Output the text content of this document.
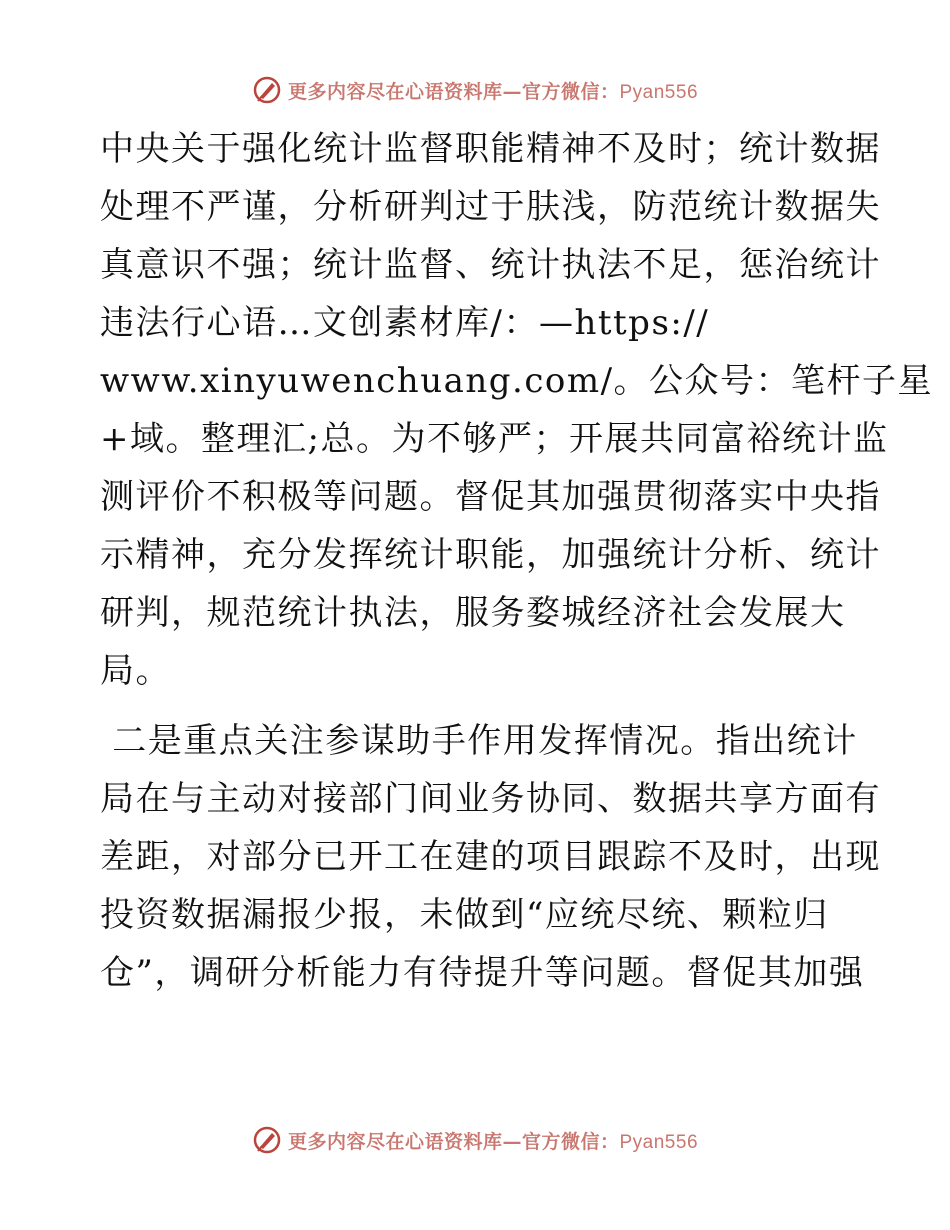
更多内容尽在心语资料库—官方微信：Pyan556

中央关于强化统计监督职能精神不及时；统计数据
处理不严谨，分析研判过于肤浅，防范统计数据失
真意识不强；统计监督、统计执法不足，惩治统计
违法行心语…文创素材库/：—https://
www.xinyuwenchuang.com/。公众号：笔杆子星
+域。整理汇;总。为不够严；开展共同富裕统计监
测评价不积极等问题。督促其加强贯彻落实中央指
示精神，充分发挥统计职能，加强统计分析、统计
研判，规范统计执法，服务婺城经济社会发展大
局。

二是重点关注参谋助手作用发挥情况。指出统计
局在与主动对接部门间业务协同、数据共享方面有
差距，对部分已开工在建的项目跟踪不及时，出现
投资数据漏报少报，未做到“应统尽统、颗粒归
仓”，调研分析能力有待提升等问题。督促其加强

更多内容尽在心语资料库—官方微信：Pyan556
